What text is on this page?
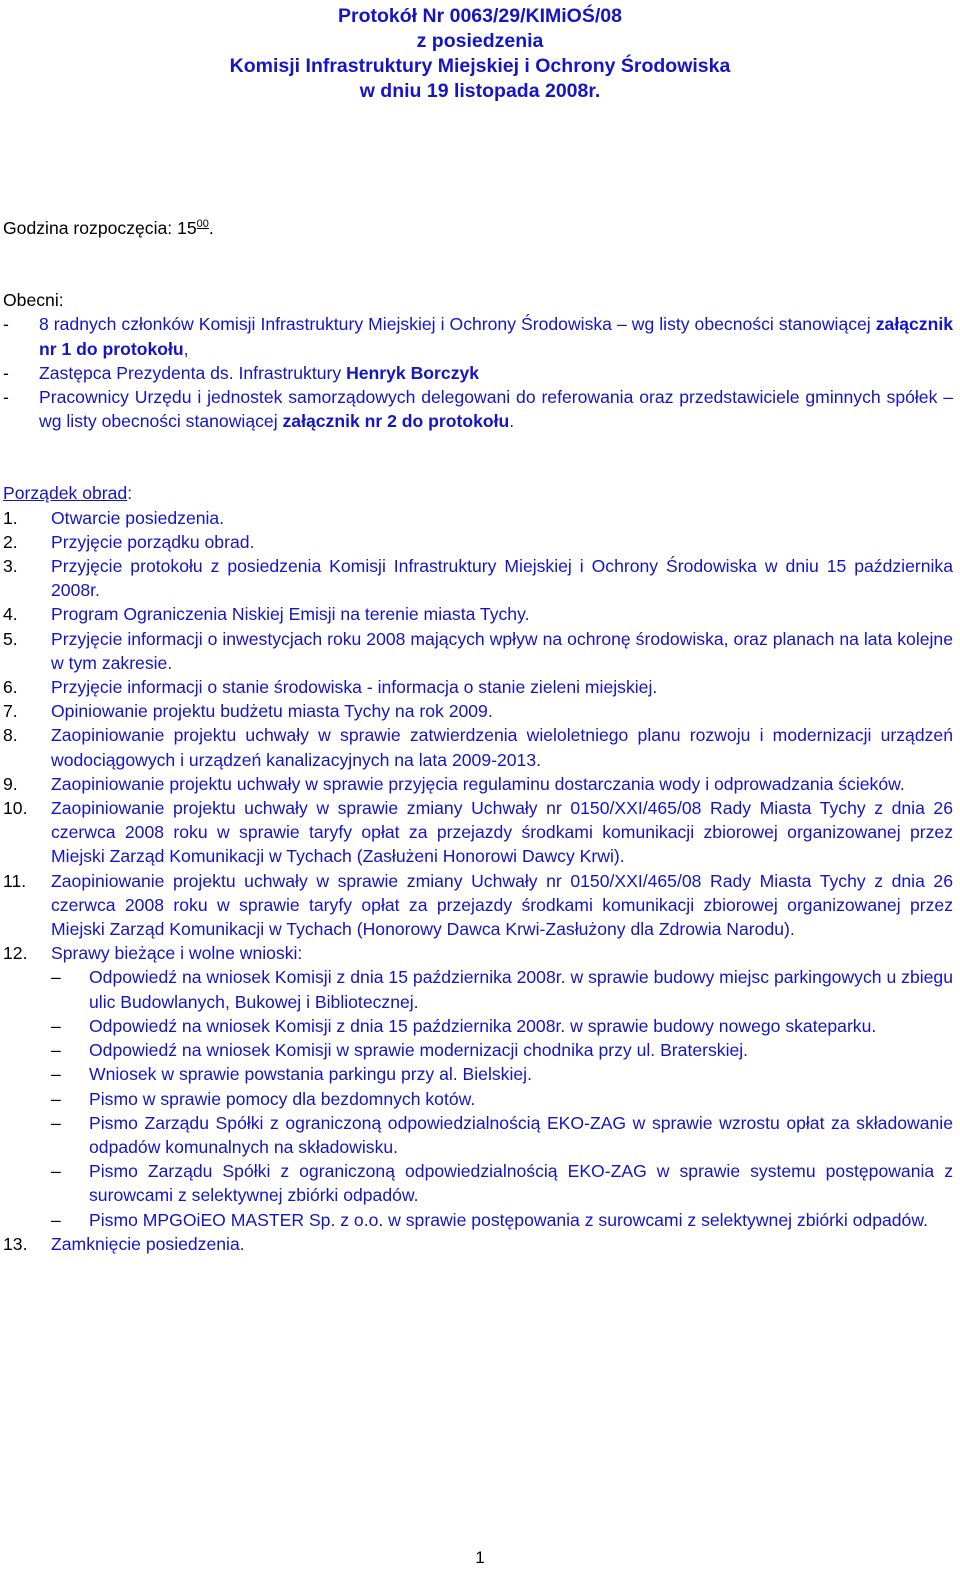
Protokół Nr 0063/29/KIMiOŚ/08
z posiedzenia
Komisji Infrastruktury Miejskiej i Ochrony Środowiska
w dniu 19 listopada 2008r.

Godzina rozpoczęcia: $15^{00}$.

Obecni:

-	8 radnych członków Komisji Infrastruktury Miejskiej i Ochrony Środowiska – wg listy obecności stanowiącej załącznik nr 1 do protokołu,
-	Zastępca Prezydenta ds. Infrastruktury Henryk Borczyk
-	Pracownicy Urzędu i jednostek samorządowych delegowani do referowania oraz przedstawiciele gminnych spółek – wg listy obecności stanowiącej załącznik nr 2 do protokołu.

Porządek obrad:

1.	Otwarcie posiedzenia.
2.	Przyjęcie porządku obrad.
3.	Przyjęcie protokołu z posiedzenia Komisji Infrastruktury Miejskiej i Ochrony Środowiska w dniu 15 października 2008r.
4.	Program Ograniczenia Niskiej Emisji na terenie miasta Tychy.
5.	Przyjęcie informacji o inwestycjach roku 2008 mających wpływ na ochronę środowiska, oraz planach na lata kolejne w tym zakresie.
6.	Przyjęcie informacji o stanie środowiska - informacja o stanie zieleni miejskiej.
7.	Opiniowanie projektu budżetu miasta Tychy na rok 2009.
8.	Zaopiniowanie projektu uchwały w sprawie zatwierdzenia wieloletniego planu rozwoju i modernizacji urządzeń wodociągowych i urządzeń kanalizacyjnych na lata 2009-2013.
9.	Zaopiniowanie projektu uchwały w sprawie przyjęcia regulaminu dostarczania wody i odprowadzania ścieków.
10.	Zaopiniowanie projektu uchwały w sprawie zmiany Uchwały nr 0150/XXI/465/08 Rady Miasta Tychy z dnia 26 czerwca 2008 roku w sprawie taryfy opłat za przejazdy środkami komunikacji zbiorowej organizowanej przez Miejski Zarząd Komunikacji w Tychach (Zasłużeni Honorowi Dawcy Krwi).
11.	Zaopiniowanie projektu uchwały w sprawie zmiany Uchwały nr 0150/XXI/465/08 Rady Miasta Tychy z dnia 26 czerwca 2008 roku w sprawie taryfy opłat za przejazdy środkami komunikacji zbiorowej organizowanej przez Miejski Zarząd Komunikacji w Tychach (Honorowy Dawca Krwi-Zasłużony dla Zdrowia Narodu).
12.	Sprawy bieżące i wolne wnioski:
–	Odpowiedź na wniosek Komisji z dnia 15 października 2008r. w sprawie budowy miejsc parkingowych u zbiegu ulic Budowlanych, Bukowej i Bibliotecznej.
–	Odpowiedź na wniosek Komisji z dnia 15 października 2008r. w sprawie budowy nowego skateparku.
–	Odpowiedź na wniosek Komisji w sprawie modernizacji chodnika przy ul. Braterskiej.
–	Wniosek w sprawie powstania parkingu przy al. Bielskiej.
–	Pismo w sprawie pomocy dla bezdomnych kotów.
–	Pismo Zarządu Spółki z ograniczoną odpowiedzialnością EKO-ZAG w sprawie wzrostu opłat za składowanie odpadów komunalnych na składowisku.
–	Pismo Zarządu Spółki z ograniczoną odpowiedzialnością EKO-ZAG w sprawie systemu postępowania z surowcami z selektywnej zbiórki odpadów.
–	Pismo MPGOiEO MASTER Sp. z o.o. w sprawie postępowania z surowcami z selektywnej zbiórki odpadów.
13.	Zamknięcie posiedzenia.
1
